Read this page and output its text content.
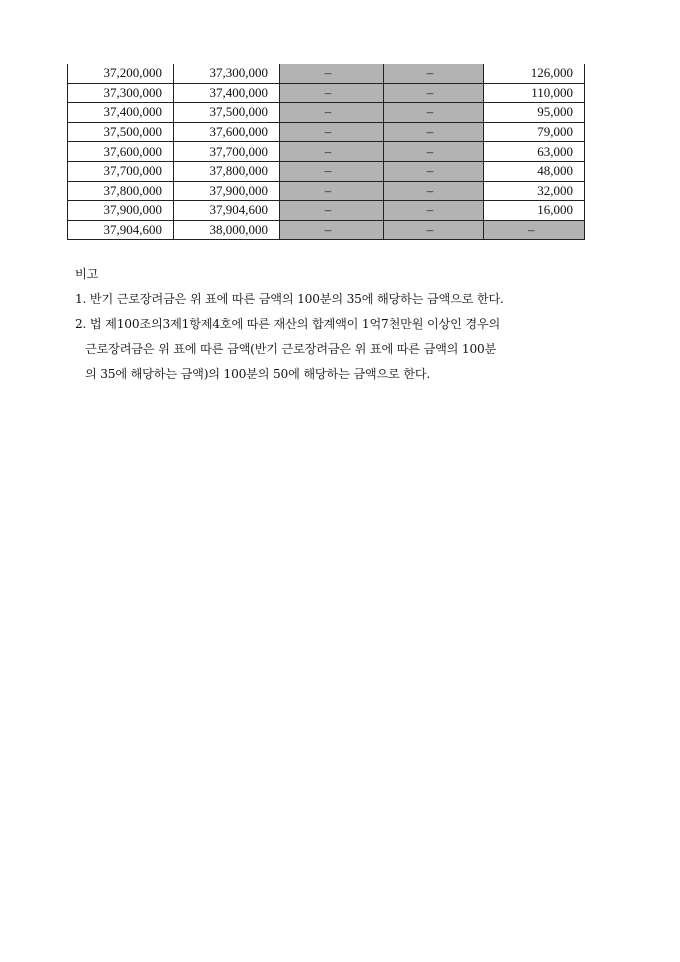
37,200,000	37,300,000	–	–	126,000
37,300,000	37,400,000	–	–	110,000
37,400,000	37,500,000	–	–	95,000
37,500,000	37,600,000	–	–	79,000
37,600,000	37,700,000	–	–	63,000
37,700,000	37,800,000	–	–	48,000
37,800,000	37,900,000	–	–	32,000
37,900,000	37,904,600	–	–	16,000
37,904,600	38,000,000	–	–	–

비고

1. 반기 근로장려금은 위 표에 따른 금액의 100분의 35에 해당하는 금액으로 한다.

2. 법 제100조의3제1항제4호에 따른 재산의 합계액이 1억7천만원 이상인 경우의
근로장려금은 위 표에 따른 금액(반기 근로장려금은 위 표에 따른 금액의 100분
의 35에 해당하는 금액)의 100분의 50에 해당하는 금액으로 한다.
